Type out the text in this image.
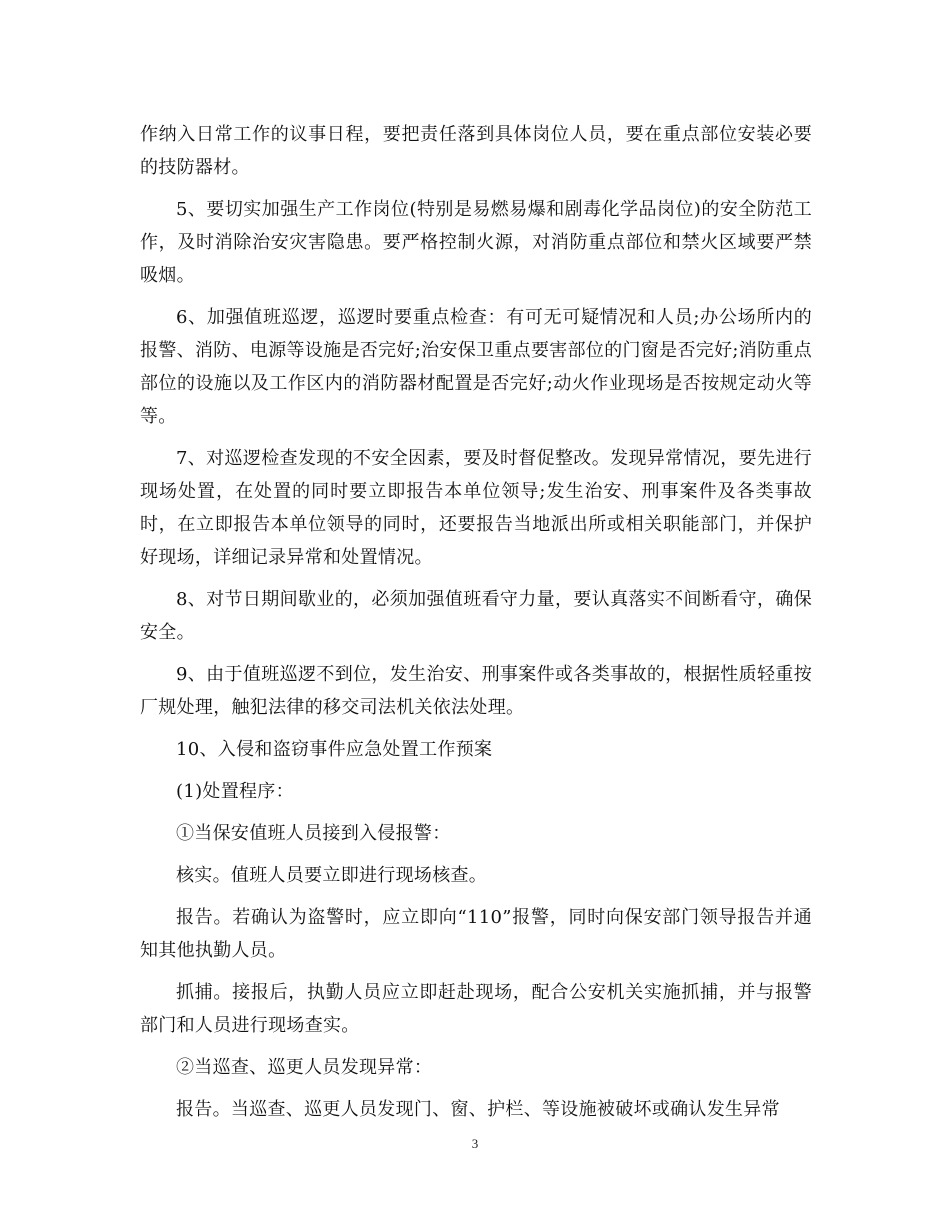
作纳入日常工作的议事日程，要把责任落到具体岗位人员，要在重点部位安装必要的技防器材。

5、要切实加强生产工作岗位(特别是易燃易爆和剧毒化学品岗位)的安全防范工作，及时消除治安灾害隐患。要严格控制火源，对消防重点部位和禁火区域要严禁吸烟。

6、加强值班巡逻，巡逻时要重点检查：有可无可疑情况和人员;办公场所内的报警、消防、电源等设施是否完好;治安保卫重点要害部位的门窗是否完好;消防重点部位的设施以及工作区内的消防器材配置是否完好;动火作业现场是否按规定动火等等。

7、对巡逻检查发现的不安全因素，要及时督促整改。发现异常情况，要先进行现场处置，在处置的同时要立即报告本单位领导;发生治安、刑事案件及各类事故时，在立即报告本单位领导的同时，还要报告当地派出所或相关职能部门，并保护好现场，详细记录异常和处置情况。

8、对节日期间歇业的，必须加强值班看守力量，要认真落实不间断看守，确保安全。

9、由于值班巡逻不到位，发生治安、刑事案件或各类事故的，根据性质轻重按厂规处理，触犯法律的移交司法机关依法处理。

10、入侵和盗窃事件应急处置工作预案

(1)处置程序：

①当保安值班人员接到入侵报警：

核实。值班人员要立即进行现场核查。

报告。若确认为盗警时，应立即向“110”报警，同时向保安部门领导报告并通知其他执勤人员。

抓捕。接报后，执勤人员应立即赶赴现场，配合公安机关实施抓捕，并与报警部门和人员进行现场查实。

②当巡查、巡更人员发现异常：

报告。当巡查、巡更人员发现门、窗、护栏、等设施被破坏或确认发生异常

3
